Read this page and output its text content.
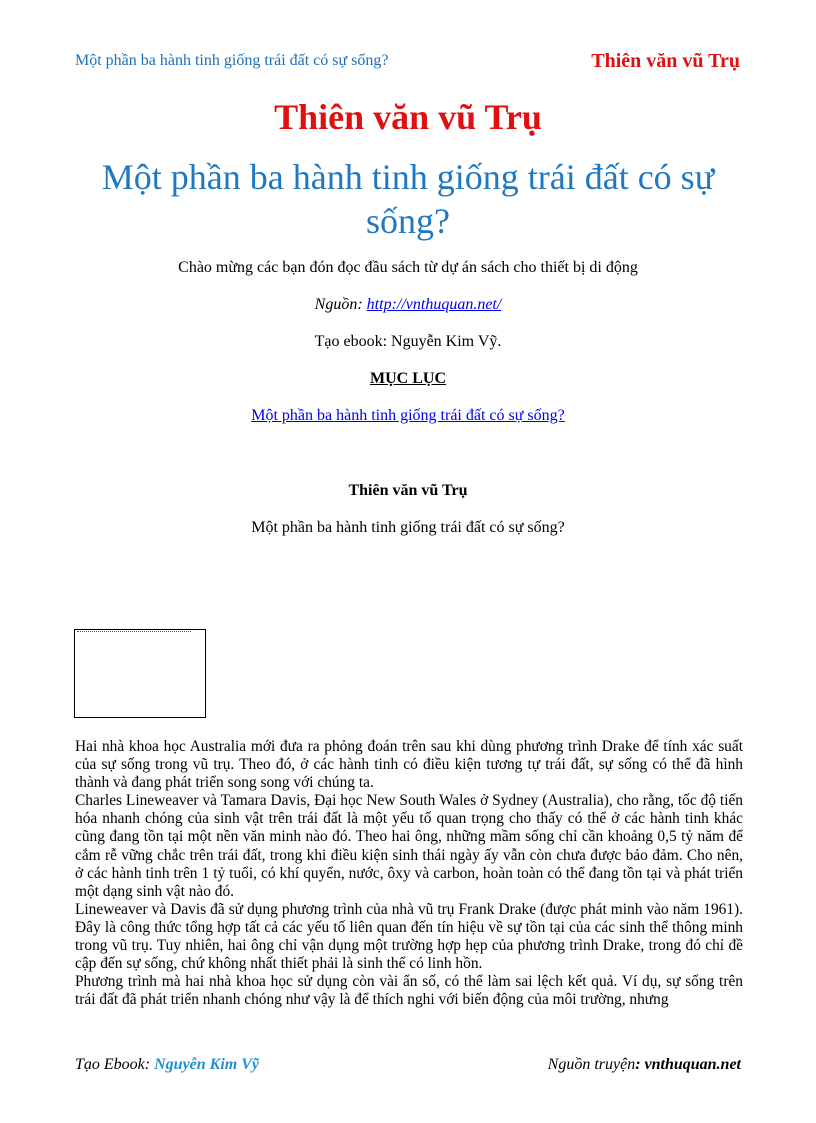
Một phần ba hành tinh giống trái đất có sự sống?	Thiên văn vũ Trụ
Thiên văn vũ Trụ
Một phần ba hành tinh giống trái đất có sự sống?
Chào mừng các bạn đón đọc đầu sách từ dự án sách cho thiết bị di động
Nguồn: http://vnthuquan.net/
Tạo ebook: Nguyễn Kim Vỹ.
MỤC LỤC
Một phần ba hành tinh giống trái đất có sự sống?
Thiên văn vũ Trụ
Một phần ba hành tinh giống trái đất có sự sống?

Hai nhà khoa học Australia mới đưa ra phỏng đoán trên sau khi dùng phương trình Drake để tính xác suất của sự sống trong vũ trụ. Theo đó, ở các hành tinh có điều kiện tương tự trái đất, sự sống có thể đã hình thành và đang phát triển song song với chúng ta.

Charles Lineweaver và Tamara Davis, Đại học New South Wales ở Sydney (Australia), cho rằng, tốc độ tiến hóa nhanh chóng của sinh vật trên trái đất là một yếu tố quan trọng cho thấy có thể ở các hành tinh khác cũng đang tồn tại một nền văn minh nào đó. Theo hai ông, những mầm sống chỉ cần khoảng 0,5 tỷ năm để cắm rễ vững chắc trên trái đất, trong khi điều kiện sinh thái ngày ấy vẫn còn chưa được bảo đảm. Cho nên, ở các hành tinh trên 1 tỷ tuổi, có khí quyển, nước, ôxy và carbon, hoàn toàn có thể đang tồn tại và phát triển một dạng sinh vật nào đó.

Lineweaver và Davis đã sử dụng phương trình của nhà vũ trụ Frank Drake (được phát minh vào năm 1961). Đây là công thức tổng hợp tất cả các yếu tố liên quan đến tín hiệu về sự tồn tại của các sinh thể thông minh trong vũ trụ. Tuy nhiên, hai ông chỉ vận dụng một trường hợp hẹp của phương trình Drake, trong đó chỉ đề cập đến sự sống, chứ không nhất thiết phải là sinh thể có linh hồn.

Phương trình mà hai nhà khoa học sử dụng còn vài ẩn số, có thể làm sai lệch kết quả. Ví dụ, sự sống trên trái đất đã phát triển nhanh chóng như vậy là để thích nghi với biến động của môi trường, nhưng

Tạo Ebook: Nguyễn Kim Vỹ	Nguồn truyện: vnthuquan.net
